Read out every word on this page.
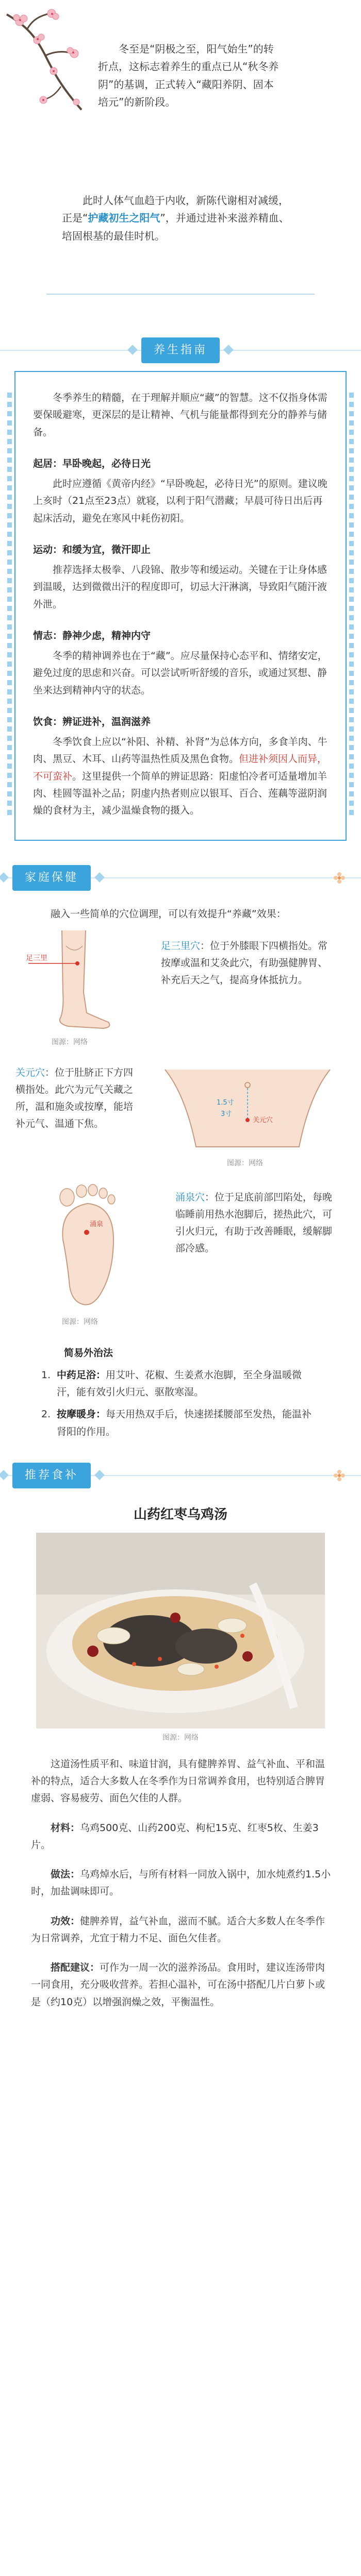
冬至是“阴极之至，阳气始生”的转折点，这标志着养生的重点已从“秋冬养阴”的基调，正式转入“藏阳养阴、固本培元”的新阶段。

此时人体气血趋于内收，新陈代谢相对减缓，正是“护藏初生之阳气”，并通过进补来滋养精血、培固根基的最佳时机。

养生指南

冬季养生的精髓，在于理解并顺应“藏”的智慧。这不仅指身体需要保暖避寒，更深层的是让精神、气机与能量都得到充分的静养与储备。

起居：早卧晚起，必待日光

此时应遵循《黄帝内经》“早卧晚起，必待日光”的原则。建议晚上亥时（21点至23点）就寝，以利于阳气潜藏；早晨可待日出后再起床活动，避免在寒风中耗伤初阳。

运动：和缓为宜，微汗即止

推荐选择太极拳、八段锦、散步等和缓运动。关键在于让身体感到温暖，达到微微出汗的程度即可，切忌大汗淋漓，导致阳气随汗液外泄。

情志：静神少虑，精神内守

冬季的精神调养也在于“藏”。应尽量保持心态平和、情绪安定，避免过度的思虑和兴奋。可以尝试听听舒缓的音乐，或通过冥想、静坐来达到精神内守的状态。

饮食：辨证进补，温润滋养

冬季饮食上应以“补阳、补精、补肾”为总体方向，多食羊肉、牛肉、黑豆、木耳、山药等温热性质及黑色食物。但进补须因人而异，不可蛮补。这里提供一个简单的辨证思路：阳虚怕冷者可适量增加羊肉、桂圆等温补之品；阴虚内热者则应以银耳、百合、莲藕等滋阴润燥的食材为主，减少温燥食物的摄入。

家庭保健

融入一些简单的穴位调理，可以有效提升“养藏”效果：

足三里

图源：网络

足三里穴：位于外膝眼下四横指处。常按摩或温和艾灸此穴，有助强健脾胃、补充后天之气，提高身体抵抗力。

关元穴：位于肚脐正下方四横指处。此穴为元气关藏之所，温和施灸或按摩，能培补元气、温通下焦。

1.5寸
3寸
关元穴

图源：网络

涌泉

图源：网络

涌泉穴：位于足底前部凹陷处，每晚临睡前用热水泡脚后，搓热此穴，可引火归元，有助于改善睡眠，缓解脚部冷感。

简易外治法

1. 中药足浴：用艾叶、花椒、生姜煮水泡脚，至全身温暖微汗，能有效引火归元、驱散寒湿。

2. 按摩暖身：每天用热双手后，快速搓揉腰部至发热，能温补肾阳的作用。

推荐食补
山药红枣乌鸡汤

图源：网络

这道汤性质平和、味道甘润，具有健脾养胃、益气补血、平和温补的特点，适合大多数人在冬季作为日常调养食用，也特别适合脾胃虚弱、容易疲劳、面色欠佳的人群。

材料：乌鸡500克、山药200克、枸杞15克、红枣5枚、生姜3片。

做法：乌鸡焯水后，与所有材料一同放入锅中，加水炖煮约1.5小时，加盐调味即可。

功效：健脾养胃，益气补血，滋而不腻。适合大多数人在冬季作为日常调养，尤宜于精力不足、面色欠佳者。

搭配建议：可作为一周一次的滋养汤品。食用时，建议连汤带肉一同食用，充分吸收营养。若担心温补，可在汤中搭配几片白萝卜或是（约10克）以增强润燥之效，平衡温性。
